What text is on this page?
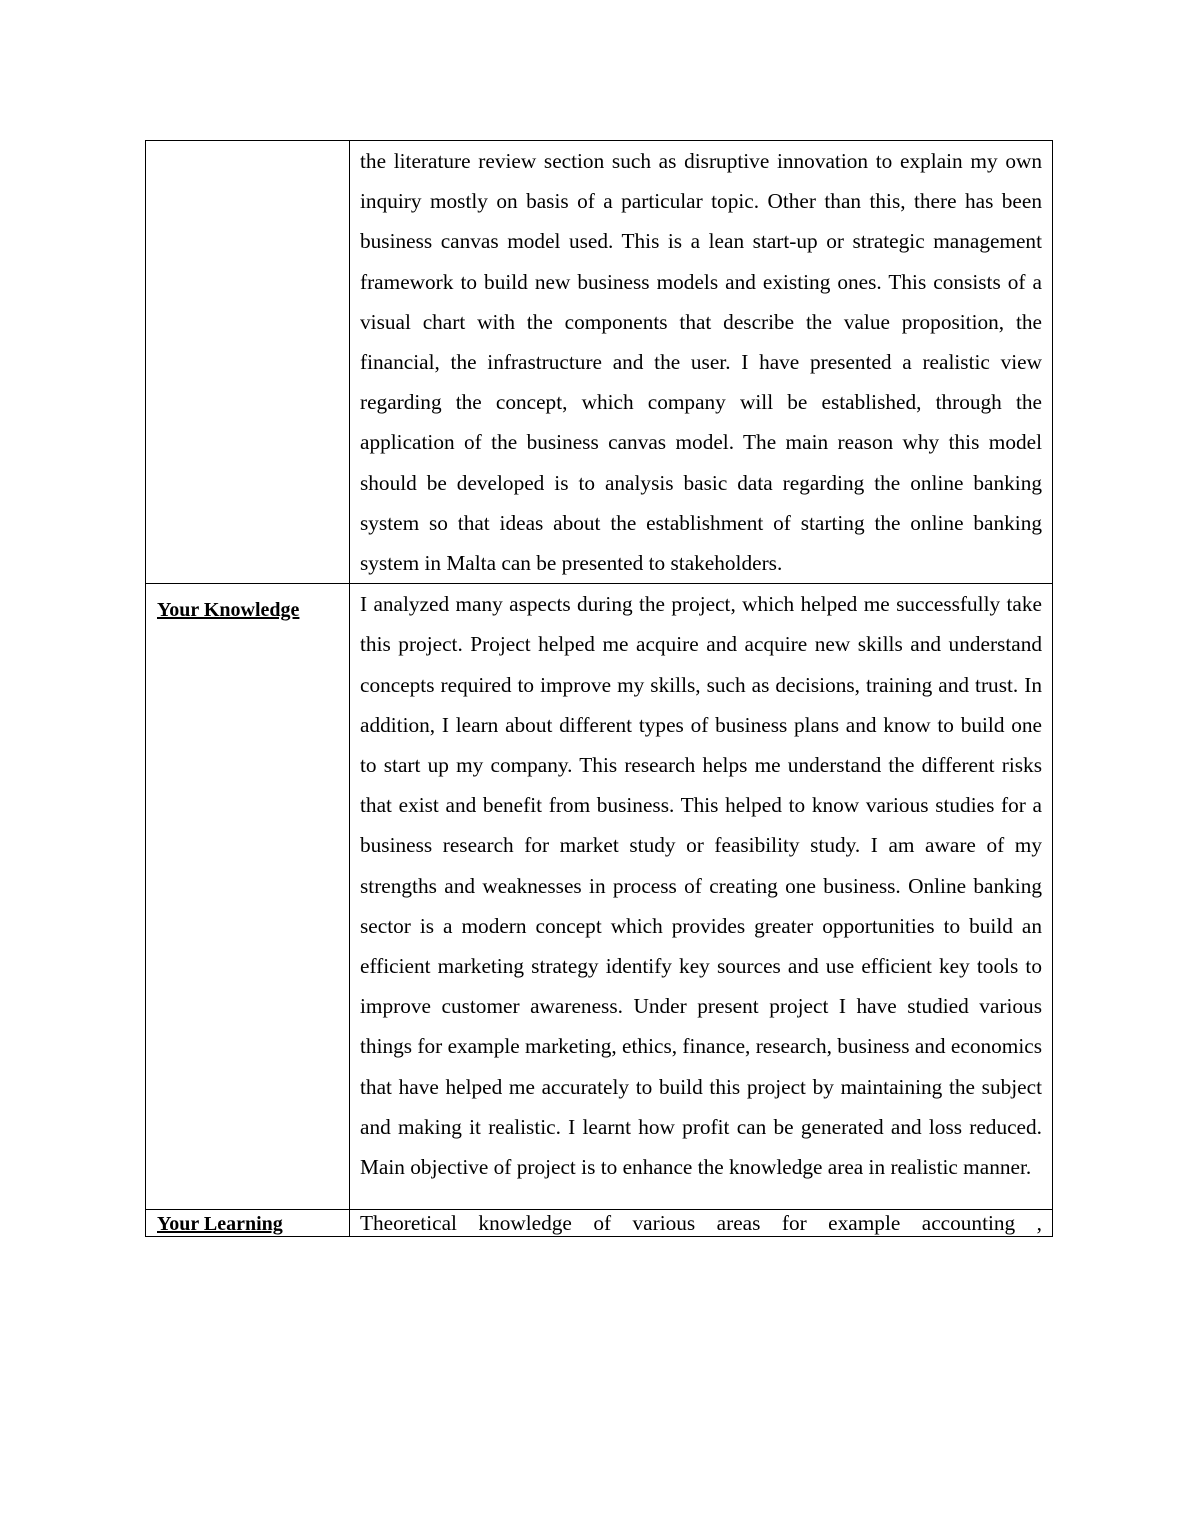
	the literature review section such as disruptive innovation to explain my own inquiry mostly on basis of a particular topic. Other than this, there has been business canvas model used. This is a lean start-up or strategic management framework to build new business models and existing ones. This consists of a visual chart with the components that describe the value proposition, the financial, the infrastructure and the user. I have presented a realistic view regarding the concept, which company will be established, through the application of the business canvas model. The main reason why this model should be developed is to analysis basic data regarding the online banking system so that ideas about the establishment of starting the online banking system in Malta can be presented to stakeholders.

Your Knowledge	I analyzed many aspects during the project, which helped me successfully take this project. Project helped me acquire and acquire new skills and understand concepts required to improve my skills, such as decisions, training and trust. In addition, I learn about different types of business plans and know to build one to start up my company. This research helps me understand the different risks that exist and benefit from business. This helped to know various studies for a business research for market study or feasibility study. I am aware of my strengths and weaknesses in process of creating one business. Online banking sector is a modern concept which provides greater opportunities to build an efficient marketing strategy identify key sources and use efficient key tools to improve customer awareness. Under present project I have studied various things for example marketing, ethics, finance, research, business and economics that have helped me accurately to build this project by maintaining the subject and making it realistic. I learnt how profit can be generated and loss reduced. Main objective of project is to enhance the knowledge area in realistic manner.

Your Learning	Theoretical knowledge of various areas for example accounting ,
